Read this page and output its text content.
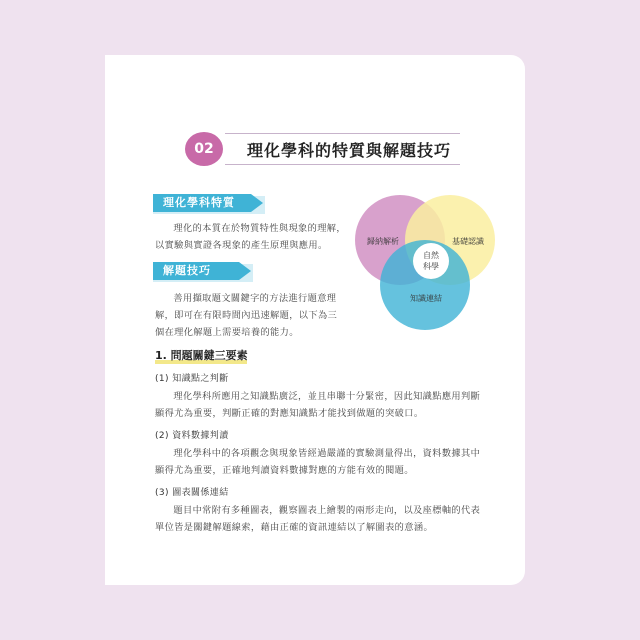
02	理化學科的特質與解題技巧
理化學科特質
理化的本質在於物質特性與現象的理解，
以實驗與實證各現象的產生原理與應用。	歸納解析	基礎認識
知識連結
自然
科學
解題技巧
善用擷取題文關鍵字的方法進行題意理
解，即可在有限時間內迅速解題，以下為三
個在理化解題上需要培養的能力。
1. 問題關鍵三要素
(1) 知識點之判斷
理化學科所應用之知識點廣泛，並且串聯十分緊密，因此知識點應用判斷
顯得尤為重要，判斷正確的對應知識點才能找到做題的突破口。
(2) 資料數據判讀
理化學科中的各項觀念與現象皆經過嚴謹的實驗測量得出，資料數據其中
顯得尤為重要，正確地判讀資料數據對應的方能有效的閱題。
(3) 圖表關係連結
題目中常附有多種圖表，觀察圖表上繪製的兩形走向，以及座標軸的代表
單位皆是關鍵解題線索，藉由正確的資訊連結以了解圖表的意涵。
